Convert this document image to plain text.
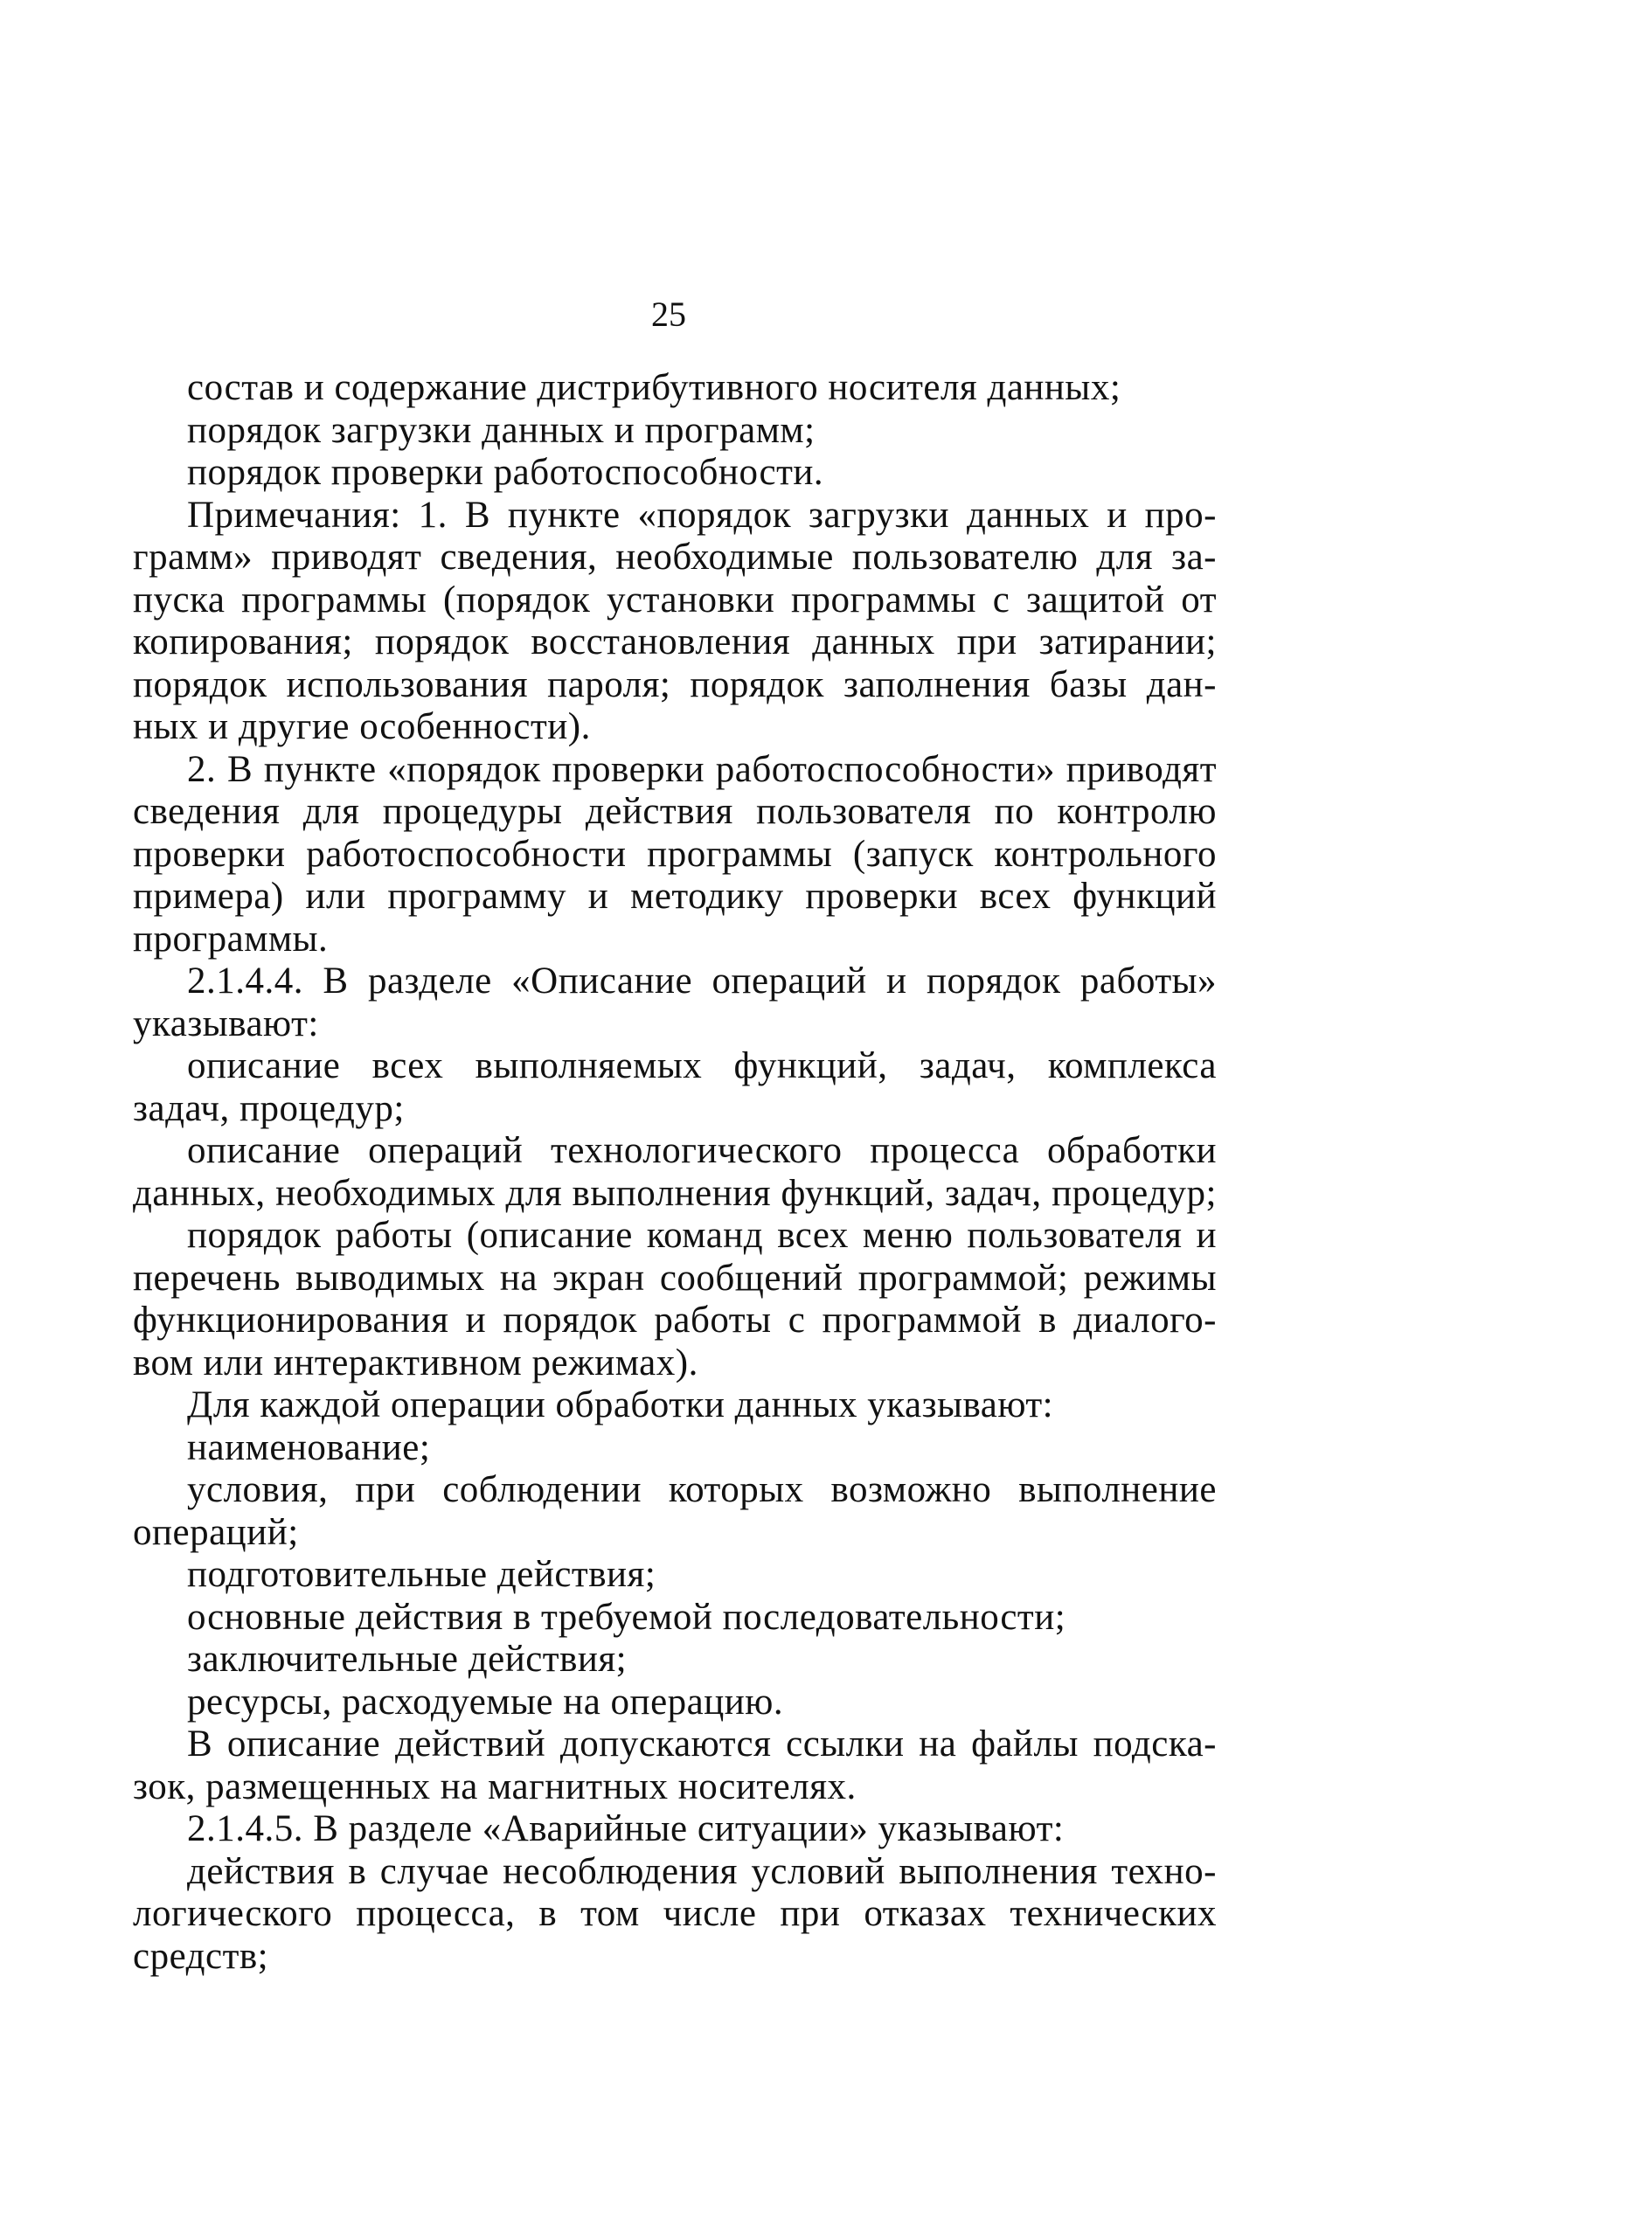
25
состав и содержание дистрибутивного носителя данных;
порядок загрузки данных и программ;
порядок проверки работоспособности.
Примечания: 1. В пункте «порядок загрузки данных и про-
грамм» приводят сведения, необходимые пользователю для за-
пуска программы (порядок установки программы с защитой от
копирования; порядок восстановления данных при затирании;
порядок использования пароля; порядок заполнения базы дан-
ных и другие особенности).
2. В пункте «порядок проверки работоспособности» приводят
сведения для процедуры действия пользователя по контролю
проверки работоспособности программы (запуск контрольного
примера) или программу и методику проверки всех функций
программы.
2.1.4.4. В разделе «Описание операций и порядок работы»
указывают:
описание всех выполняемых функций, задач, комплекса
задач, процедур;
описание операций технологического процесса обработки
данных, необходимых для выполнения функций, задач, процедур;
порядок работы (описание команд всех меню пользователя и
перечень выводимых на экран сообщений программой; режимы
функционирования и порядок работы с программой в диалого-
вом или интерактивном режимах).
Для каждой операции обработки данных указывают:
наименование;
условия, при соблюдении которых возможно выполнение
операций;
подготовительные действия;
основные действия в требуемой последовательности;
заключительные действия;
ресурсы, расходуемые на операцию.
В описание действий допускаются ссылки на файлы подска-
зок, размещенных на магнитных носителях.
2.1.4.5. В разделе «Аварийные ситуации» указывают:
действия в случае несоблюдения условий выполнения техно-
логического процесса, в том числе при отказах технических
средств;
